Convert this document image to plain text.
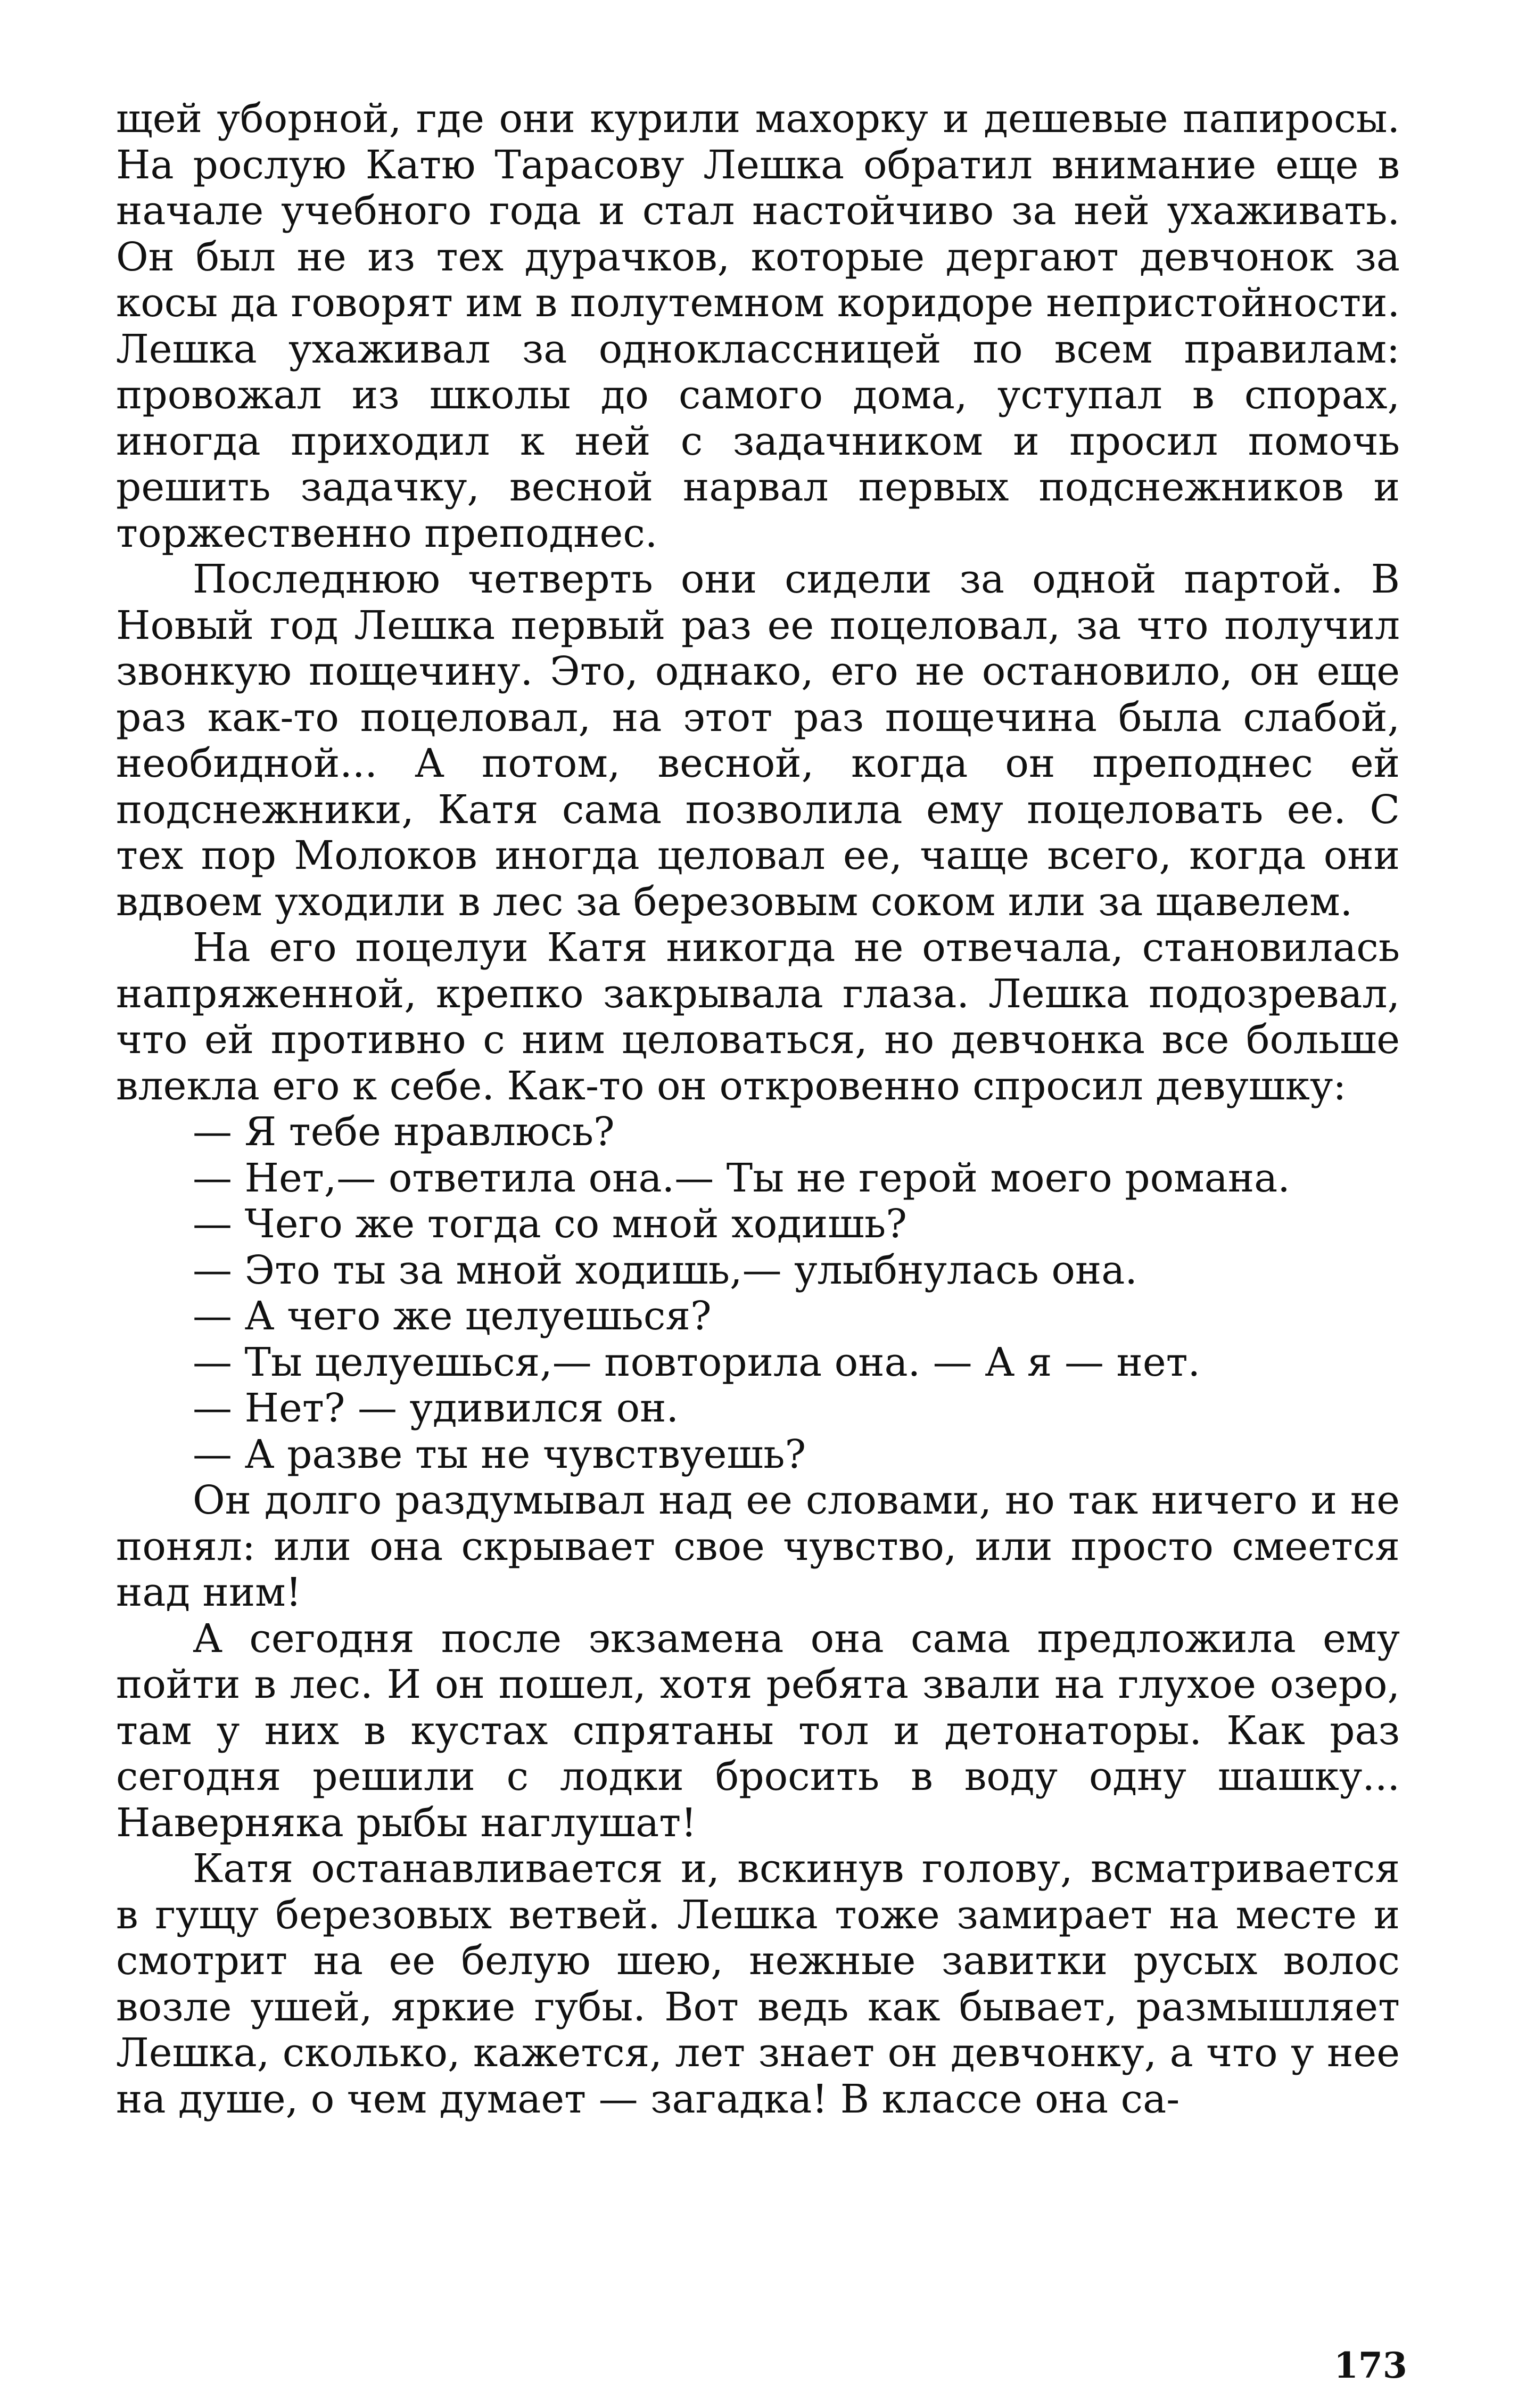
щей уборной, где они курили махорку и дешевые папиросы. На рослую Катю Тарасову Лешка обратил внимание еще в начале учебного года и стал настойчиво за ней ухаживать. Он был не из тех дурачков, которые дергают девчонок за косы да говорят им в полутемном коридоре непристойности. Лешка ухаживал за одноклассницей по всем правилам: провожал из школы до самого дома, уступал в спорах, иногда приходил к ней с задачником и просил помочь решить задачку, весной нарвал первых подснежников и торжественно преподнес.

Последнюю четверть они сидели за одной партой. В Новый год Лешка первый раз ее поцеловал, за что получил звонкую пощечину. Это, однако, его не остановило, он еще раз как-то поцеловал, на этот раз пощечина была слабой, необидной... А потом, весной, когда он преподнес ей подснежники, Катя сама позволила ему поцеловать ее. С тех пор Молоков иногда целовал ее, чаще всего, когда они вдвоем уходили в лес за березовым соком или за щавелем.

На его поцелуи Катя никогда не отвечала, становилась напряженной, крепко закрывала глаза. Лешка подозревал, что ей противно с ним целоваться, но девчонка все больше влекла его к себе. Как-то он откровенно спросил девушку:

— Я тебе нравлюсь?

— Нет,— ответила она.— Ты не герой моего романа.

— Чего же тогда со мной ходишь?

— Это ты за мной ходишь,— улыбнулась она.

— А чего же целуешься?

— Ты целуешься,— повторила она. — А я — нет.

— Нет? — удивился он.

— А разве ты не чувствуешь?

Он долго раздумывал над ее словами, но так ничего и не понял: или она скрывает свое чувство, или просто смеется над ним!

А сегодня после экзамена она сама предложила ему пойти в лес. И он пошел, хотя ребята звали на глухое озеро, там у них в кустах спрятаны тол и детонаторы. Как раз сегодня решили с лодки бросить в воду одну шашку... Наверняка рыбы наглушат!

Катя останавливается и, вскинув голову, всматривается в гущу березовых ветвей. Лешка тоже замирает на месте и смотрит на ее белую шею, нежные завитки русых волос возле ушей, яркие губы. Вот ведь как бывает, размышляет Лешка, сколько, кажется, лет знает он девчонку, а что у нее на душе, о чем думает — загадка! В классе она са-

173
